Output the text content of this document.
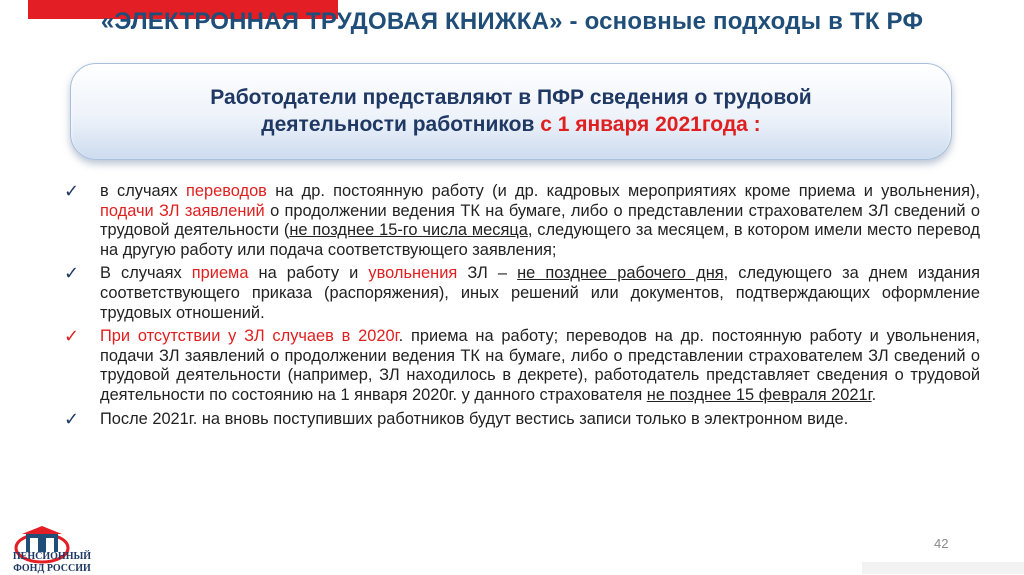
«ЭЛЕКТРОННАЯ ТРУДОВАЯ КНИЖКА» - основные подходы в ТК РФ
Работодатели представляют в ПФР сведения о трудовой
деятельности работников с 1 января 2021года :
✓ в случаях переводов на др. постоянную работу (и др. кадровых мероприятиях кроме приема и увольнения), подачи ЗЛ заявлений о продолжении ведения ТК на бумаге, либо о представлении страхователем ЗЛ сведений о трудовой деятельности (не позднее 15-го числа месяца, следующего за месяцем, в котором имели место перевод на другую работу или подача соответствующего заявления;
✓ В случаях приема на работу и увольнения ЗЛ – не позднее рабочего дня, следующего за днем издания соответствующего приказа (распоряжения), иных решений или документов, подтверждающих оформление трудовых отношений.
✓ При отсутствии у ЗЛ случаев в 2020г. приема на работу; переводов на др. постоянную работу и увольнения, подачи ЗЛ заявлений о продолжении ведения ТК на бумаге, либо о представлении страхователем ЗЛ сведений о трудовой деятельности (например, ЗЛ находилось в декрете), работодатель представляет сведения о трудовой деятельности по состоянию на 1 января 2020г. у данного страхователя не позднее 15 февраля 2021г.
✓ После 2021г. на вновь поступивших работников будут вестись записи только в электронном виде.
ПЕНСИОННЫЙ
ФОНД РОССИИ
42
